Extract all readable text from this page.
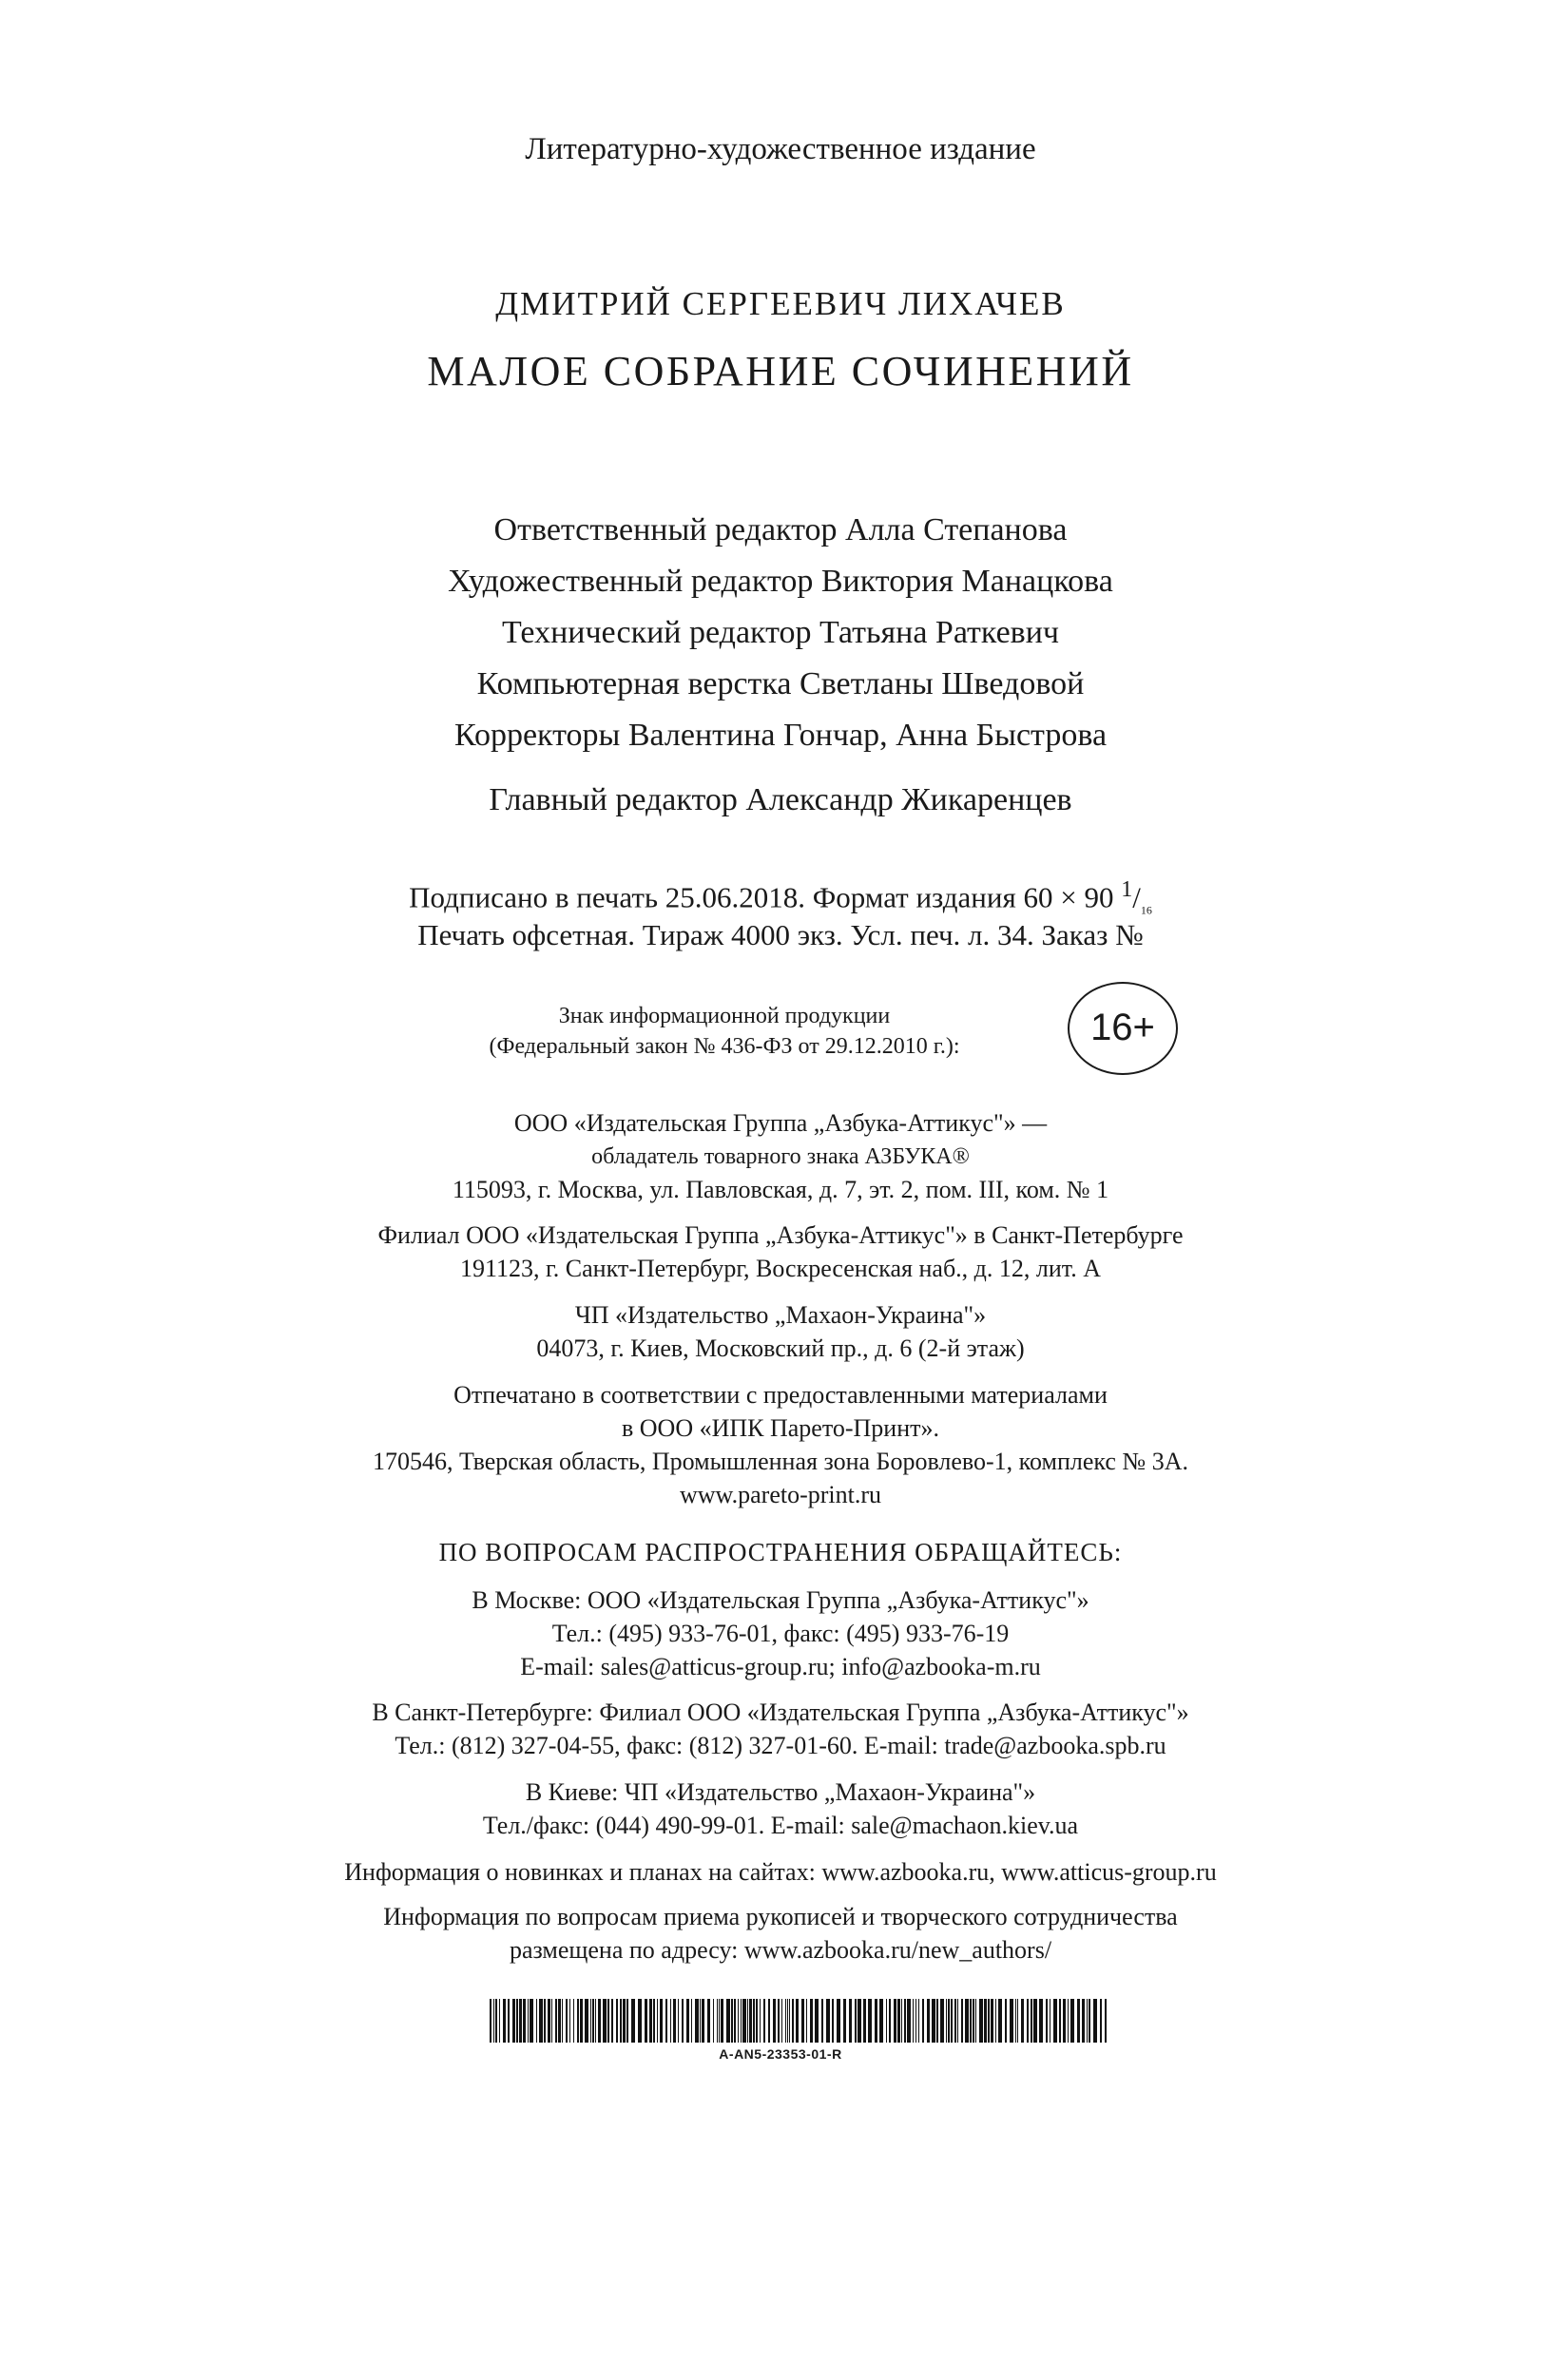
Литературно-художественное издание
ДМИТРИЙ СЕРГЕЕВИЧ ЛИХАЧЕВ
МАЛОЕ СОБРАНИЕ СОЧИНЕНИЙ
Ответственный редактор Алла Степанова
Художественный редактор Виктория Манацкова
Технический редактор Татьяна Раткевич
Компьютерная верстка Светланы Шведовой
Корректоры Валентина Гончар, Анна Быстрова
Главный редактор Александр Жикаренцев
Подписано в печать 25.06.2018. Формат издания 60 × 90 $^1/_{16}$
Печать офсетная. Тираж 4000 экз. Усл. печ. л. 34. Заказ №
Знак информационной продукции
(Федеральный закон № 436-ФЗ от 29.12.2010 г.):	16+
ООО «Издательская Группа „Азбука-Аттикус"» —
обладатель товарного знака АЗБУКА®
115093, г. Москва, ул. Павловская, д. 7, эт. 2, пом. III, ком. № 1
Филиал ООО «Издательская Группа „Азбука-Аттикус"» в Санкт-Петербурге
191123, г. Санкт-Петербург, Воскресенская наб., д. 12, лит. А
ЧП «Издательство „Махаон-Украина"»
04073, г. Киев, Московский пр., д. 6 (2-й этаж)
Отпечатано в соответствии с предоставленными материалами
в ООО «ИПК Парето-Принт».
170546, Тверская область, Промышленная зона Боровлево-1, комплекс № 3А.
www.pareto-print.ru
ПО ВОПРОСАМ РАСПРОСТРАНЕНИЯ ОБРАЩАЙТЕСЬ:
В Москве: ООО «Издательская Группа „Азбука-Аттикус"»
Тел.: (495) 933-76-01, факс: (495) 933-76-19
E-mail: sales@atticus-group.ru; info@azbooka-m.ru
В Санкт-Петербурге: Филиал ООО «Издательская Группа „Азбука-Аттикус"»
Тел.: (812) 327-04-55, факс: (812) 327-01-60. E-mail: trade@azbooka.spb.ru
В Киеве: ЧП «Издательство „Махаон-Украина"»
Тел./факс: (044) 490-99-01. E-mail: sale@machaon.kiev.ua
Информация о новинках и планах на сайтах: www.azbooka.ru, www.atticus-group.ru
Информация по вопросам приема рукописей и творческого сотрудничества
размещена по адресу: www.azbooka.ru/new_authors/
A-AN5-23353-01-R
